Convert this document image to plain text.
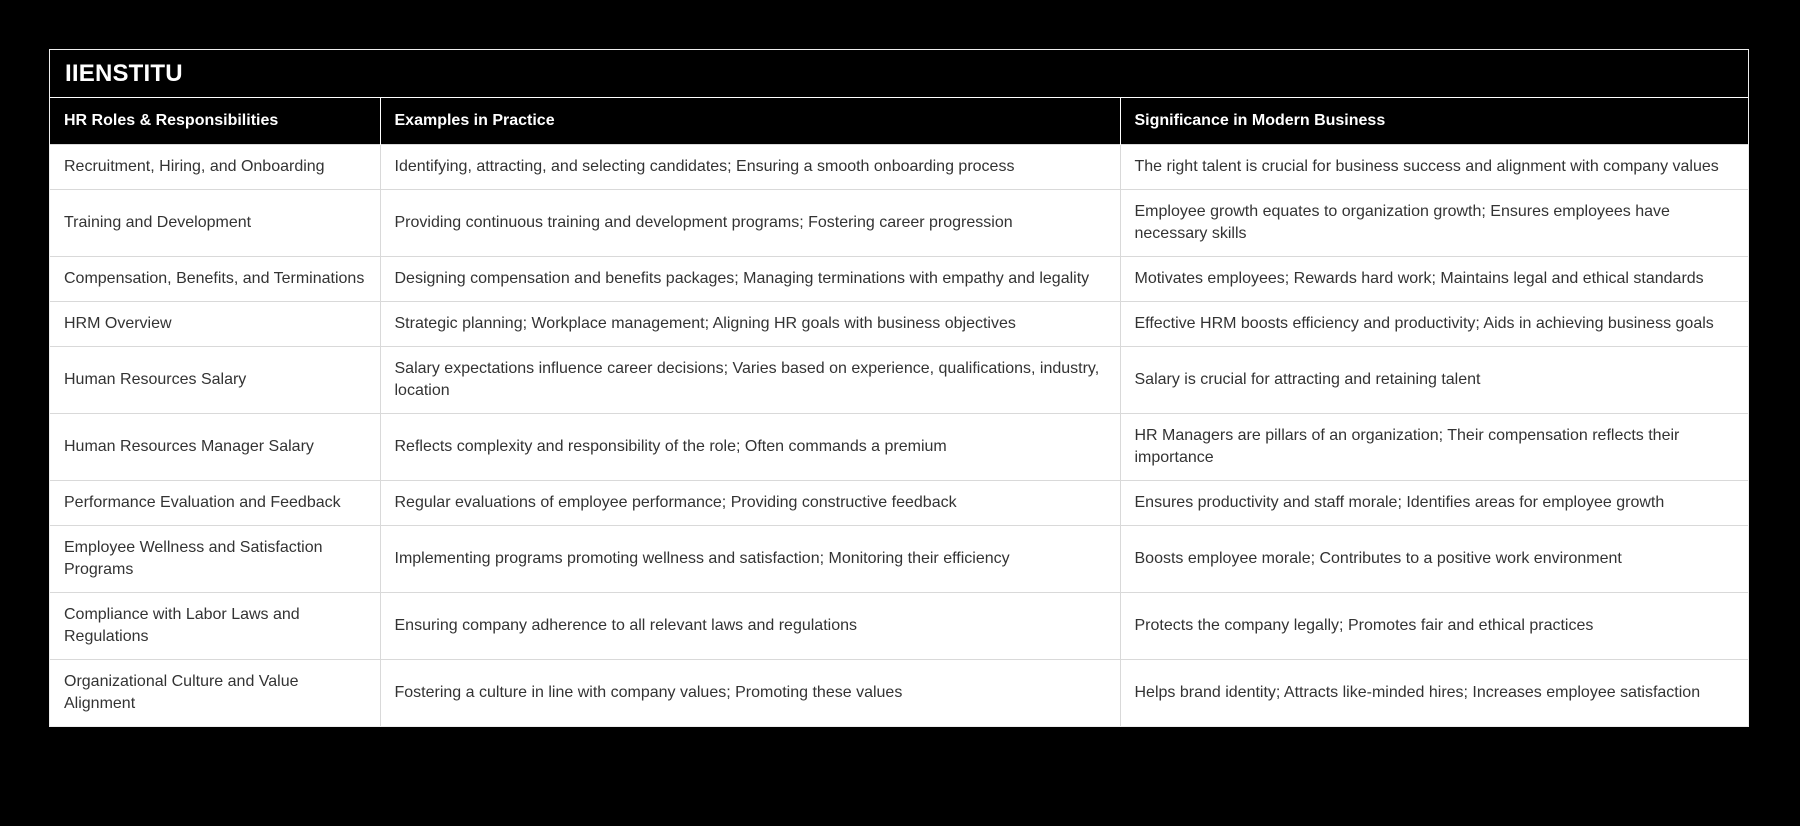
IIENSTITU
HR Roles & Responsibilities	Examples in Practice	Significance in Modern Business
Recruitment, Hiring, and Onboarding	Identifying, attracting, and selecting candidates; Ensuring a smooth onboarding process	The right talent is crucial for business success and alignment with company values
Training and Development	Providing continuous training and development programs; Fostering career progression	Employee growth equates to organization growth; Ensures employees have necessary skills
Compensation, Benefits, and Terminations	Designing compensation and benefits packages; Managing terminations with empathy and legality	Motivates employees; Rewards hard work; Maintains legal and ethical standards
HRM Overview	Strategic planning; Workplace management; Aligning HR goals with business objectives	Effective HRM boosts efficiency and productivity; Aids in achieving business goals
Human Resources Salary	Salary expectations influence career decisions; Varies based on experience, qualifications, industry, location	Salary is crucial for attracting and retaining talent
Human Resources Manager Salary	Reflects complexity and responsibility of the role; Often commands a premium	HR Managers are pillars of an organization; Their compensation reflects their importance
Performance Evaluation and Feedback	Regular evaluations of employee performance; Providing constructive feedback	Ensures productivity and staff morale; Identifies areas for employee growth
Employee Wellness and Satisfaction Programs	Implementing programs promoting wellness and satisfaction; Monitoring their efficiency	Boosts employee morale; Contributes to a positive work environment
Compliance with Labor Laws and Regulations	Ensuring company adherence to all relevant laws and regulations	Protects the company legally; Promotes fair and ethical practices
Organizational Culture and Value Alignment	Fostering a culture in line with company values; Promoting these values	Helps brand identity; Attracts like-minded hires; Increases employee satisfaction
